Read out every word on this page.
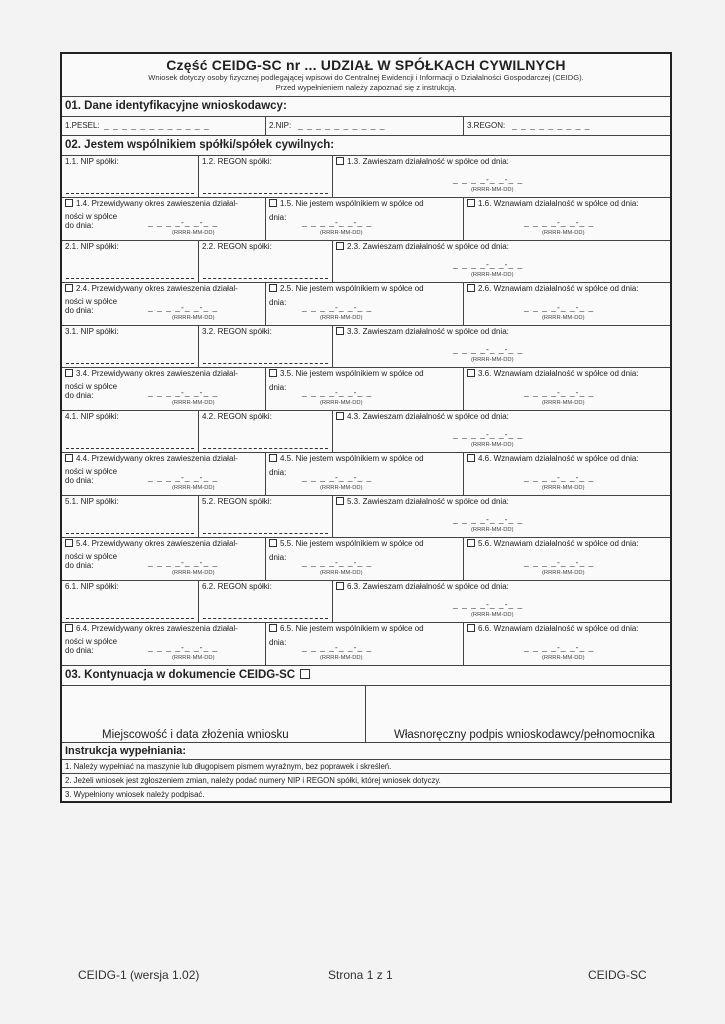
Część CEIDG-SC nr ... UDZIAŁ W SPÓŁKACH CYWILNYCH
Wniosek dotyczy osoby fizycznej podlegającej wpisowi do Centralnej Ewidencji i Informacji o Działalności Gospodarczej (CEIDG).
Przed wypełnieniem należy zapoznać się z instrukcją.
01. Dane identyfikacyjne wnioskodawcy:
1.PESEL: _ _ _ _ _ _ _ _ _ _ _ _	2.NIP: _ _ _ _ _ _ _ _ _ _	3.REGON: _ _ _ _ _ _ _ _ _
02. Jestem wspólnikiem spółki/spółek cywilnych:
1.1. NIP spółki:	1.2. REGON spółki:	1.3. Zawieszam działalność w spółce od dnia:
_ _ _ _-_ _-_ _
(RRRR-MM-DD)
1.4. Przewidywany okres zawieszenia działal-
ności w spółce
do dnia:	_ _ _ _-_ _-_ _
(RRRR-MM-DD)
1.5. Nie jestem wspólnikiem w spółce od
dnia:	_ _ _ _-_ _-_ _
(RRRR-MM-DD)
1.6. Wznawiam działalność w spółce od dnia:
_ _ _ _-_ _-_ _
(RRRR-MM-DD)
2.1. NIP spółki:	2.2. REGON spółki:	2.3. Zawieszam działalność w spółce od dnia:
_ _ _ _-_ _-_ _
(RRRR-MM-DD)
2.4. Przewidywany okres zawieszenia działal-
ności w spółce
do dnia:	_ _ _ _-_ _-_ _
(RRRR-MM-DD)
2.5. Nie jestem wspólnikiem w spółce od
dnia:	_ _ _ _-_ _-_ _
(RRRR-MM-DD)
2.6. Wznawiam działalność w spółce od dnia:
_ _ _ _-_ _-_ _
(RRRR-MM-DD)
3.1. NIP spółki:	3.2. REGON spółki:	3.3. Zawieszam działalność w spółce od dnia:
_ _ _ _-_ _-_ _
(RRRR-MM-DD)
3.4. Przewidywany okres zawieszenia działal-
ności w spółce
do dnia:	_ _ _ _-_ _-_ _
(RRRR-MM-DD)
3.5. Nie jestem wspólnikiem w spółce od
dnia:	_ _ _ _-_ _-_ _
(RRRR-MM-DD)
3.6. Wznawiam działalność w spółce od dnia:
_ _ _ _-_ _-_ _
(RRRR-MM-DD)
4.1. NIP spółki:	4.2. REGON spółki:	4.3. Zawieszam działalność w spółce od dnia:
_ _ _ _-_ _-_ _
(RRRR-MM-DD)
4.4. Przewidywany okres zawieszenia działal-
ności w spółce
do dnia:	_ _ _ _-_ _-_ _
(RRRR-MM-DD)
4.5. Nie jestem wspólnikiem w spółce od
dnia:	_ _ _ _-_ _-_ _
(RRRR-MM-DD)
4.6. Wznawiam działalność w spółce od dnia:
_ _ _ _-_ _-_ _
(RRRR-MM-DD)
5.1. NIP spółki:	5.2. REGON spółki:	5.3. Zawieszam działalność w spółce od dnia:
_ _ _ _-_ _-_ _
(RRRR-MM-DD)
5.4. Przewidywany okres zawieszenia działal-
ności w spółce
do dnia:	_ _ _ _-_ _-_ _
(RRRR-MM-DD)
5.5. Nie jestem wspólnikiem w spółce od
dnia:	_ _ _ _-_ _-_ _
(RRRR-MM-DD)
5.6. Wznawiam działalność w spółce od dnia:
_ _ _ _-_ _-_ _
(RRRR-MM-DD)
6.1. NIP spółki:	6.2. REGON spółki:	6.3. Zawieszam działalność w spółce od dnia:
_ _ _ _-_ _-_ _
(RRRR-MM-DD)
6.4. Przewidywany okres zawieszenia działal-
ności w spółce
do dnia:	_ _ _ _-_ _-_ _
(RRRR-MM-DD)
6.5. Nie jestem wspólnikiem w spółce od
dnia:	_ _ _ _-_ _-_ _
(RRRR-MM-DD)
6.6. Wznawiam działalność w spółce od dnia:
_ _ _ _-_ _-_ _
(RRRR-MM-DD)
03. Kontynuacja w dokumencie CEIDG-SC
Miejscowość i data złożenia wniosku	Własnoręczny podpis wnioskodawcy/pełnomocnika
Instrukcja wypełniania:
1. Należy wypełniać na maszynie lub długopisem pismem wyraźnym, bez poprawek i skreśleń.
2. Jeżeli wniosek jest zgłoszeniem zmian, należy podać numery NIP i REGON spółki, której wniosek dotyczy.
3. Wypełniony wniosek należy podpisać.
CEIDG-1 (wersja 1.02)	Strona 1 z 1	CEIDG-SC
